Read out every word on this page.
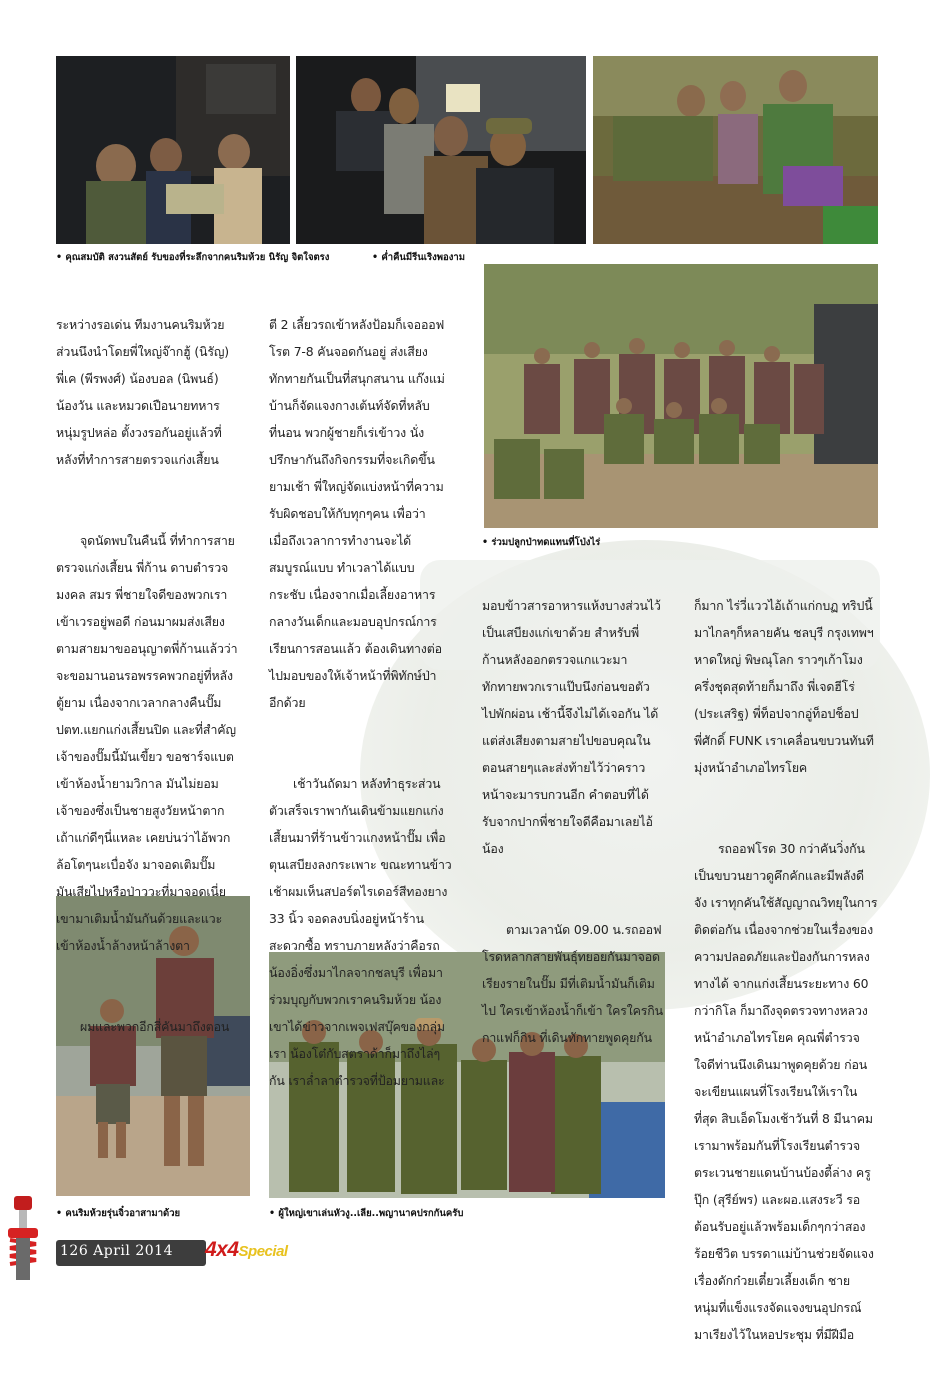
• คุณสมบัติ สงวนสัตย์ รับของที่ระลึกจากคนริมห้วย นิรัญ จิตใจตรง	• ค่ำคืนมีรีนเริงพองาม
• ร่วมปลูกป่าทดแทนที่โป่งไร่
• คนริมห้วยรุ่นจิ๋วอาสามาด้วย	• ผู้ใหญ่เขาเล่นหัวงู..เลีย..พญานาคปรกกันครับ

ระหว่างรอเด่น ทีมงานคนริมห้วย
ส่วนนึงนำโดยพี่ใหญ่จ๊ากฮู้ (นิรัญ)
พี่เค (พีรพงศ์) น้องบอล (นิพนธ์)
น้องวัน และหมวดเปือนายทหาร
หนุ่มรูปหล่อ ตั้งวงรอกันอยู่แล้วที่
หลังที่ทำการสายตรวจแก่งเสี้ยน

จุดนัดพบในคืนนี้ ที่ทำการสาย
ตรวจแก่งเสี้ยน พี่ก้าน ดาบตำรวจ
มงคล สมร พี่ชายใจดีของพวกเรา
เข้าเวรอยู่พอดี ก่อนมาผมส่งเสียง
ตามสายมาขออนุญาตพี่ก้านแล้วว่า
จะขอมานอนรอพรรคพวกอยู่ที่หลัง
ตู้ยาม เนื่องจากเวลากลางคืนปั๊ม
ปตท.แยกแก่งเสี้ยนปิด และที่สำคัญ
เจ้าของปั๊มนี้มันเขี้ยว ขอชาร์จแบต
เข้าห้องน้ำยามวิกาล มันไม่ยอม
เจ้าของซึ่งเป็นชายสูงวัยหน้าตาก
เถ้าแก่ดีๆนี่แหละ เคยบ่นว่าไอ้พวก
ล้อโตๆนะเบื่อจัง มาจอดเติมปั๊ม
มันเสียไปหรือป่าววะที่มาจอดเนี่ย
เขามาเติมน้ำมันกันด้วยและแวะ
เข้าห้องน้ำล้างหน้าล้างตา

ผมและพวกอีกสี่คันมาถึงตอน

ตี 2 เลี้ยวรถเข้าหลังป้อมก็เจอออฟ
โรต 7-8 คันจอดกันอยู่ ส่งเสียง
ทักทายกันเป็นที่สนุกสนาน แก๊งแม่
บ้านก็จัดแจงกางเต้นท์จัดที่หลับ
ที่นอน พวกผู้ชายก็เร่เข้าวง นั่ง
ปรึกษากันถึงกิจกรรมที่จะเกิดขึ้น
ยามเช้า พี่ใหญ่จัดแบ่งหน้าที่ความ
รับผิดชอบให้กับทุกๆคน เพื่อว่า
เมื่อถึงเวลาการทำงานจะได้
สมบูรณ์แบบ ทำเวลาได้แบบ
กระชับ เนื่องจากเมื่อเลี้ยงอาหาร
กลางวันเด็กและมอบอุปกรณ์การ
เรียนการสอนแล้ว ต้องเดินทางต่อ
ไปมอบของให้เจ้าหน้าที่พิทักษ์ป่า
อีกด้วย

เช้าวันถัดมา หลังทำธุระส่วน
ตัวเสร็จเราพากันเดินข้ามแยกแก่ง
เสี้ยนมาที่ร้านข้าวแกงหน้าปั๊ม เพื่อ
ตุนเสบียงลงกระเพาะ ขณะทานข้าว
เช้าผมเห็นสปอร์ตไรเดอร์สีทองยาง
33 นิ้ว จอดลงบนิ่งอยู่หน้าร้าน
สะดวกซื้อ ทราบภายหลังว่าคือรถ
น้องอิ่งซึ่งมาไกลจากชลบุรี เพื่อมา
ร่วมบุญกับพวกเราคนริมห้วย น้อง
เขาได้ข่าวจากเพจเฟสบุ๊คของกลุ่ม
เรา น้องโต๋กับสตราด้าก็มาถึงไล่ๆ
กัน เราล่ำลาตำรวจที่ป้อมยามและ

มอบข้าวสารอาหารแห้งบางส่วนไว้
เป็นเสบียงแก่เขาด้วย สำหรับพี่
ก้านหลังออกตรวจแกแวะมา
ทักทายพวกเราแป๊บนึงก่อนขอตัว
ไปพักผ่อน เช้านี้จึงไม่ได้เจอกัน ได้
แต่ส่งเสียงตามสายไปขอบคุณใน
ตอนสายๆและส่งท้ายไว้ว่าคราว
หน้าจะมารบกวนอีก คำตอบที่ได้
รับจากปากพี่ชายใจดีคือมาเลยไอ้
น้อง

ตามเวลานัด 09.00 น.รถออฟ
โรดหลากสายพันธุ์ทยอยกันมาจอด
เรียงรายในปั๊ม มีที่เติมน้ำมันก็เติม
ไป ใครเข้าห้องน้ำก็เข้า ใครใครกิน
กาแฟก็กิน ที่เดินทักทายพูดคุยกัน

ก็มาก ไร่วี่แววไอ้เถ้าแก่กบฏ ทริปนี้
มาไกลๆก็หลายคัน ชลบุรี กรุงเทพฯ
หาดใหญ่ พิษณุโลก ราวๆเก้าโมง
ครึ่งชุดสุดท้ายก็มาถึง พี่เจดฮีโร่
(ประเสริฐ) พี่ท็อปจากอู่ท็อปช็อป
พี่ศักดิ์ FUNK เราเคลื่อนขบวนทันที
มุ่งหน้าอำเภอไทรโยค

รถออฟโรด 30 กว่าคันวิ่งกัน
เป็นขบวนยาวดูคึกคักและมีพลังดี
จัง เราทุกคันใช้สัญญาณวิทยุในการ
ติดต่อกัน เนื่องจากช่วยในเรื่องของ
ความปลอดภัยและป้องกันการหลง
ทางได้ จากแก่งเสี้ยนระยะทาง 60
กว่ากิโล ก็มาถึงจุดตรวจทางหลวง
หน้าอำเภอไทรโยค คุณพี่ตำรวจ
ใจดีท่านนึงเดินมาพูดคุยด้วย ก่อน
จะเขียนแผนที่โรงเรียนให้เราใน
ที่สุด สิบเอ็ดโมงเช้าวันที่ 8 มีนาคม
เรามาพร้อมกันที่โรงเรียนตำรวจ
ตระเวนชายแดนบ้านบ้องตี้ล่าง ครู
ปุ๊ก (สุรีย์พร) และผอ.แสงระวี รอ
ต้อนรับอยู่แล้วพร้อมเด็กๆกว่าสอง
ร้อยชีวิต บรรดาแม่บ้านช่วยจัดแจง
เรื่องดักก๋วยเตี๋ยวเลี้ยงเด็ก ชาย
หนุ่มที่แข็งแรงจัดแจงขนอุปกรณ์
มาเรียงไว้ในหอประชุม ที่มีฝีมือ

126 April 2014 4x4Special
